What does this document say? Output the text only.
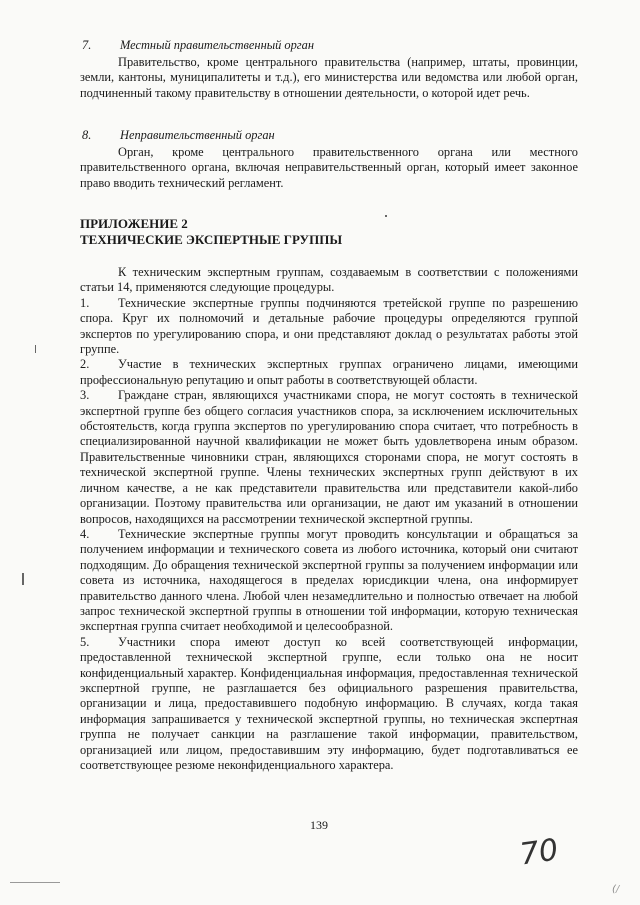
7. Местный правительственный орган

Правительство, кроме центрального правительства (например, штаты, провинции, земли, кантоны, муниципалитеты и т.д.), его министерства или ведомства или любой орган, подчиненный такому правительству в отношении деятельности, о которой идет речь.

8. Неправительственный орган

Орган, кроме центрального правительственного органа или местного правительственного органа, включая неправительственный орган, который имеет законное право вводить технический регламент.

ПРИЛОЖЕНИЕ 2
ТЕХНИЧЕСКИЕ ЭКСПЕРТНЫЕ ГРУППЫ

К техническим экспертным группам, создаваемым в соответствии с положениями статьи 14, применяются следующие процедуры.

1. Технические экспертные группы подчиняются третейской группе по разрешению спора. Круг их полномочий и детальные рабочие процедуры определяются группой экспертов по урегулированию спора, и они представляют доклад о результатах работы этой группе.

2. Участие в технических экспертных группах ограничено лицами, имеющими профессиональную репутацию и опыт работы в соответствующей области.

3. Граждане стран, являющихся участниками спора, не могут состоять в технической экспертной группе без общего согласия участников спора, за исключением исключительных обстоятельств, когда группа экспертов по урегулированию спора считает, что потребность в специализированной научной квалификации не может быть удовлетворена иным образом. Правительственные чиновники стран, являющихся сторонами спора, не могут состоять в технической экспертной группе. Члены технических экспертных групп действуют в их личном качестве, а не как представители правительства или представители какой-либо организации. Поэтому правительства или организации, не дают им указаний в отношении вопросов, находящихся на рассмотрении технической экспертной группы.

4. Технические экспертные группы могут проводить консультации и обращаться за получением информации и технического совета из любого источника, который они считают подходящим. До обращения технической экспертной группы за получением информации или совета из источника, находящегося в пределах юрисдикции члена, она информирует правительство данного члена. Любой член незамедлительно и полностью отвечает на любой запрос технической экспертной группы в отношении той информации, которую техническая экспертная группа считает необходимой и целесообразной.

5. Участники спора имеют доступ ко всей соответствующей информации, предоставленной технической экспертной группе, если только она не носит конфиденциальный характер. Конфиденциальная информация, предоставленная технической экспертной группе, не разглашается без официального разрешения правительства, организации и лица, предоставившего подобную информацию. В случаях, когда такая информация запрашивается у технической экспертной группы, но техническая экспертная группа не получает санкции на разглашение такой информации, правительством, организацией или лицом, предоставившим эту информацию, будет подготавливаться ее соответствующее резюме неконфиденциального характера.

139
70
(/
